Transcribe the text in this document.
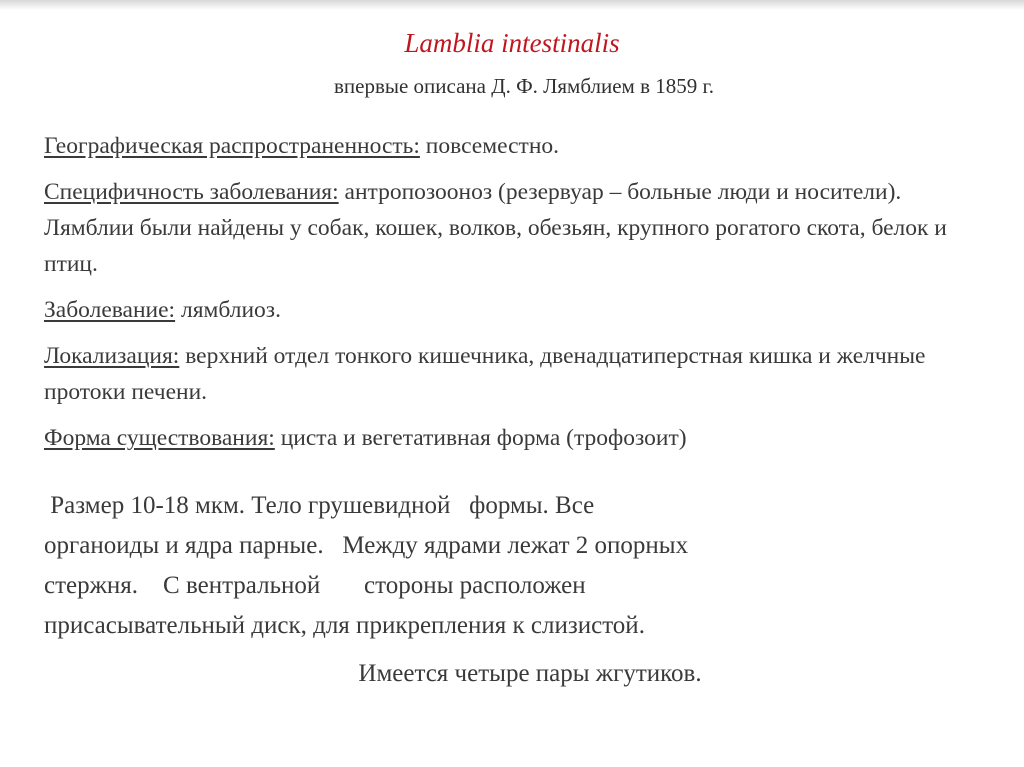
Lamblia intestinalis
впервые описана Д. Ф. Лямблием в 1859 г.

Географическая распространенность: повсеместно.

Специфичность заболевания: антропозооноз (резервуар – больные люди и носители). Лямблии были найдены у собак, кошек, волков, обезьян, крупного рогатого скота, белок и птиц.

Заболевание: лямблиоз.

Локализация: верхний отдел тонкого кишечника, двенадцатиперстная кишка и желчные протоки печени.

Форма существования: циста и вегетативная форма (трофозоит)

Размер 10-18 мкм. Тело грушевидной   формы. Все
органоиды и ядра парные.   Между ядрами лежат 2 опорных
стержня.    С вентральной       стороны расположен
присасывательный диск, для прикрепления к слизистой.
Имеется четыре пары жгутиков.
